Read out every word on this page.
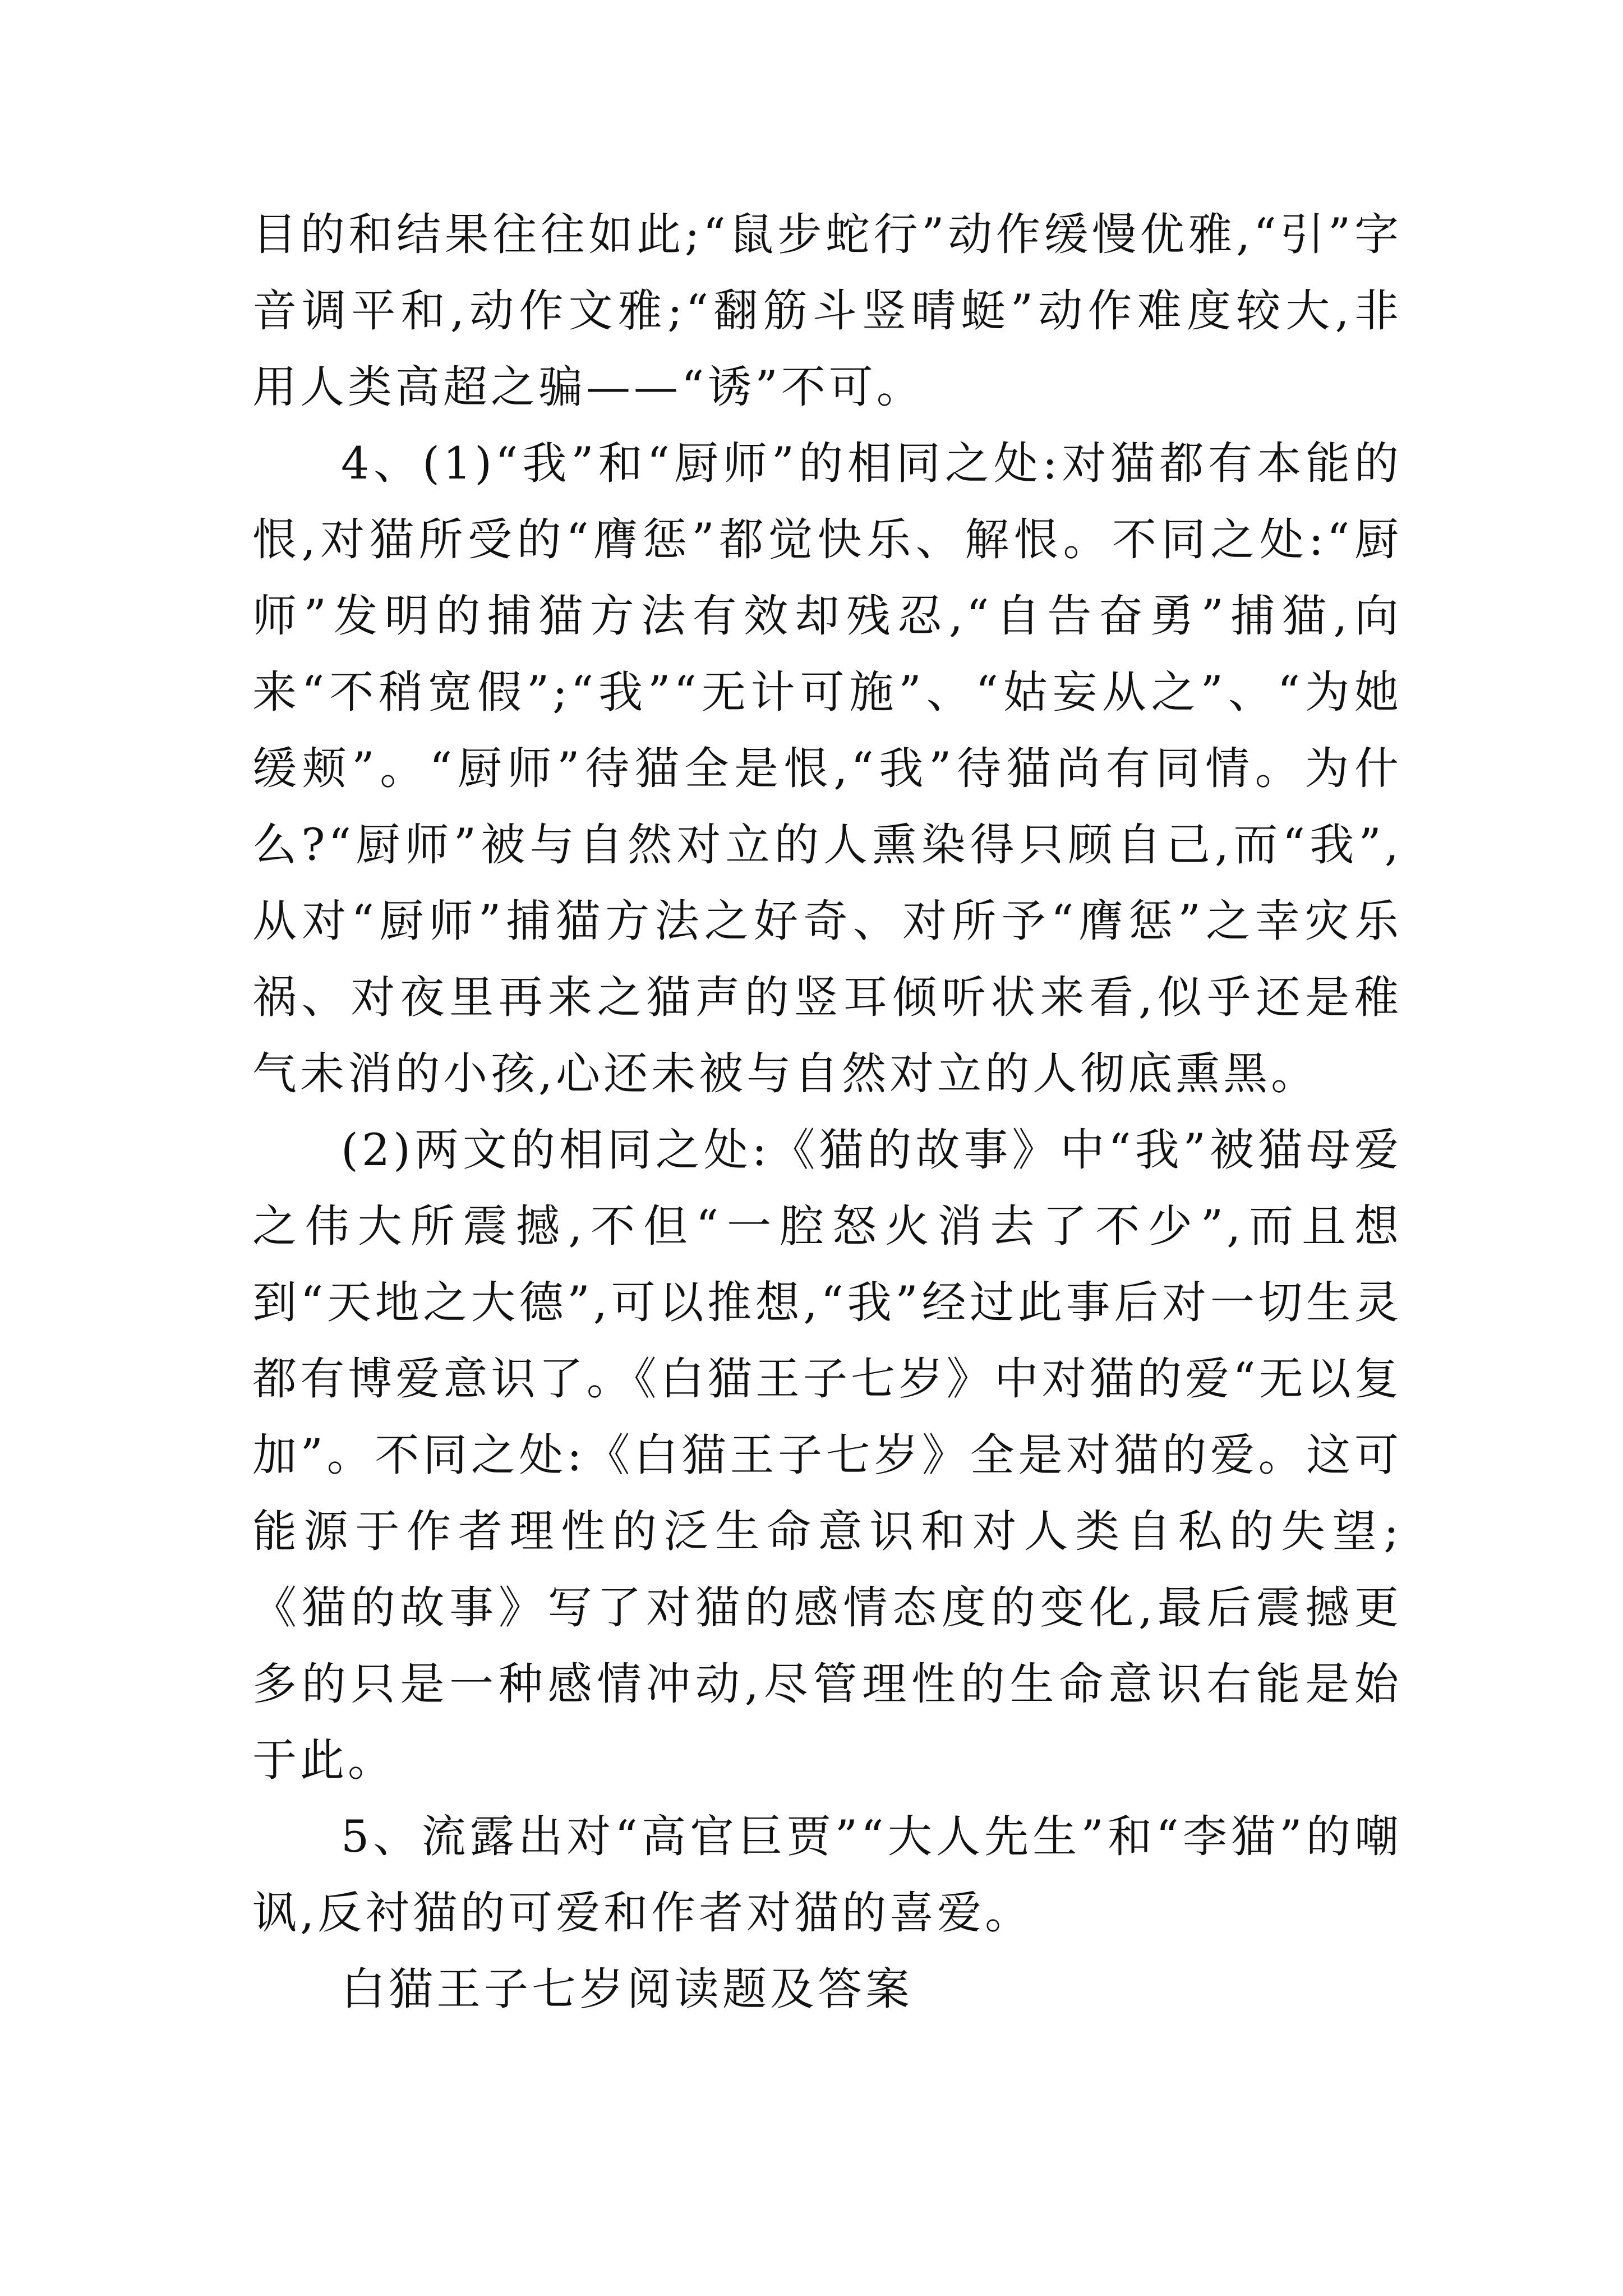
目的和结果往往如此;“鼠步蛇行”动作缓慢优雅,“引”字音调平和,动作文雅;“翻筋斗竖晴蜓”动作难度较大,非用人类高超之骗——“诱”不可。

4、(1)“我”和“厨师”的相同之处:对猫都有本能的恨,对猫所受的“膺惩”都觉快乐、解恨。不同之处:“厨师”发明的捕猫方法有效却残忍,“自告奋勇”捕猫,向来“不稍宽假”;“我”“无计可施”、“姑妄从之”、“为她缓颊”。“厨师”待猫全是恨,“我”待猫尚有同情。为什么?“厨师”被与自然对立的人熏染得只顾自己,而“我”,从对“厨师”捕猫方法之好奇、对所予“膺惩”之幸灾乐祸、对夜里再来之猫声的竖耳倾听状来看,似乎还是稚气未消的小孩,心还未被与自然对立的人彻底熏黑。

(2)两文的相同之处:《猫的故事》中“我”被猫母爱之伟大所震撼,不但“一腔怒火消去了不少”,而且想到“天地之大德”,可以推想,“我”经过此事后对一切生灵都有博爱意识了。《白猫王子七岁》中对猫的爱“无以复加”。不同之处:《白猫王子七岁》全是对猫的爱。这可能源于作者理性的泛生命意识和对人类自私的失望;《猫的故事》写了对猫的感情态度的变化,最后震撼更多的只是一种感情冲动,尽管理性的生命意识右能是始于此。

5、流露出对“高官巨贾”“大人先生”和“李猫”的嘲讽,反衬猫的可爱和作者对猫的喜爱。

白猫王子七岁阅读题及答案
